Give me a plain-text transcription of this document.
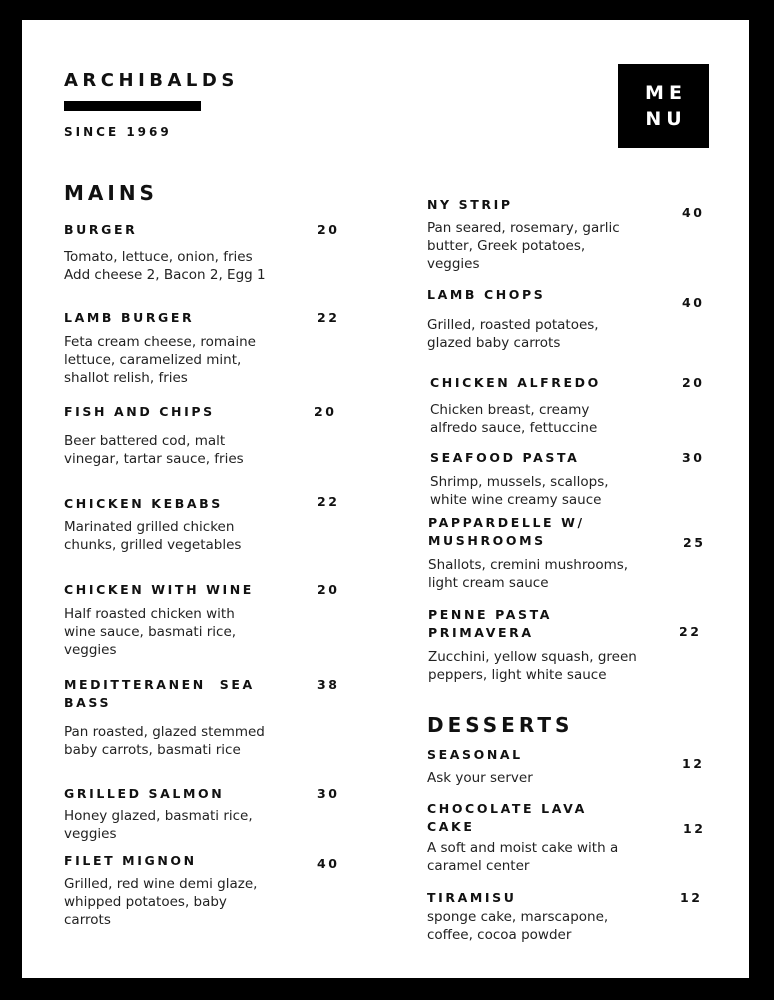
ARCHIBALDS
SINCE 1969
ME
NU
MAINS
BURGER	20
Tomato, lettuce, onion, fries
Add cheese 2, Bacon 2, Egg 1
LAMB BURGER	22
Feta cream cheese, romaine
lettuce, caramelized mint,
shallot relish, fries
FISH AND CHIPS	20
Beer battered cod, malt
vinegar, tartar sauce, fries
CHICKEN KEBABS	22
Marinated grilled chicken
chunks, grilled vegetables
CHICKEN WITH WINE	20
Half roasted chicken with
wine sauce, basmati rice,
veggies
MEDITTERANEN  SEA
BASS
38
Pan roasted, glazed stemmed
baby carrots, basmati rice
GRILLED SALMON	30
Honey glazed, basmati rice,
veggies
FILET MIGNON	40
Grilled, red wine demi glaze,
whipped potatoes, baby
carrots
NY STRIP
40
Pan seared, rosemary, garlic
butter, Greek potatoes,
veggies
LAMB CHOPS
40
Grilled, roasted potatoes,
glazed baby carrots
CHICKEN ALFREDO	20
Chicken breast, creamy
alfredo sauce, fettuccine
SEAFOOD PASTA	30
Shrimp, mussels, scallops,
white wine creamy sauce
PAPPARDELLE W/
MUSHROOMS	25
Shallots, cremini mushrooms,
light cream sauce
PENNE PASTA
PRIMAVERA	22
Zucchini, yellow squash, green
peppers, light white sauce
DESSERTS
SEASONAL
12
Ask your server
CHOCOLATE LAVA
CAKE	12
A soft and moist cake with a
caramel center
TIRAMISU	12
sponge cake, marscapone,
coffee, cocoa powder
